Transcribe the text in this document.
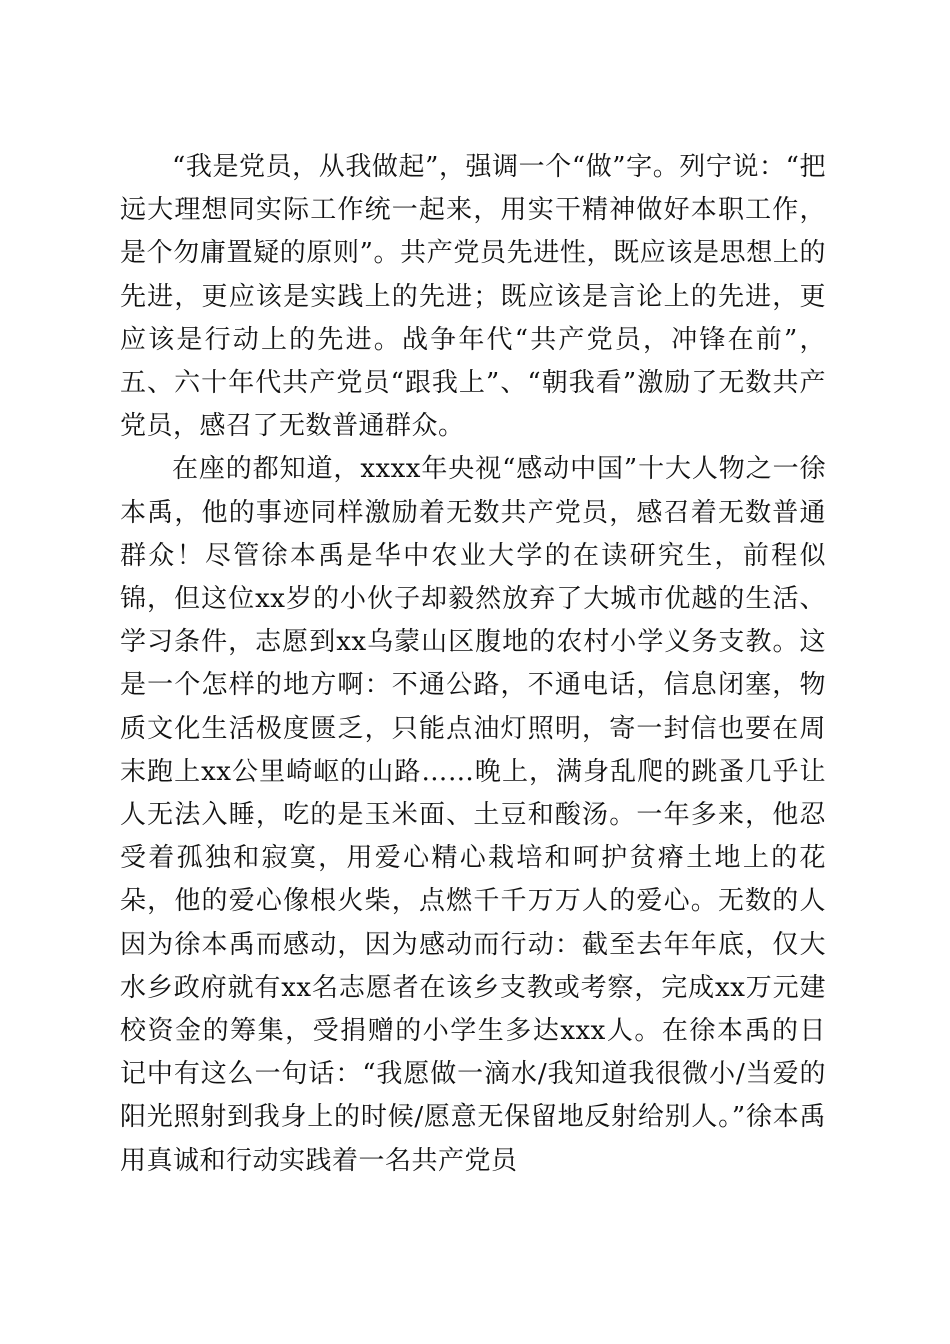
“我是党员，从我做起”，强调一个“做”字。列宁说：“把远大理想同实际工作统一起来，用实干精神做好本职工作，是个勿庸置疑的原则”。共产党员先进性，既应该是思想上的先进，更应该是实践上的先进；既应该是言论上的先进，更应该是行动上的先进。战争年代“共产党员，冲锋在前”，五、六十年代共产党员“跟我上”、“朝我看”激励了无数共产党员，感召了无数普通群众。

在座的都知道，xxxx年央视“感动中国”十大人物之一徐本禹，他的事迹同样激励着无数共产党员，感召着无数普通群众！尽管徐本禹是华中农业大学的在读研究生，前程似锦，但这位xx岁的小伙子却毅然放弃了大城市优越的生活、学习条件，志愿到xx乌蒙山区腹地的农村小学义务支教。这是一个怎样的地方啊：不通公路，不通电话，信息闭塞，物质文化生活极度匮乏，只能点油灯照明，寄一封信也要在周末跑上xx公里崎岖的山路……晚上，满身乱爬的跳蚤几乎让人无法入睡，吃的是玉米面、土豆和酸汤。一年多来，他忍受着孤独和寂寞，用爱心精心栽培和呵护贫瘠土地上的花朵，他的爱心像根火柴，点燃千千万万人的爱心。无数的人因为徐本禹而感动，因为感动而行动：截至去年年底，仅大水乡政府就有xx名志愿者在该乡支教或考察，完成xx万元建校资金的筹集，受捐赠的小学生多达xxx人。在徐本禹的日记中有这么一句话：“我愿做一滴水/我知道我很微小/当爱的阳光照射到我身上的时候/愿意无保留地反射给别人。”徐本禹用真诚和行动实践着一名共产党员
